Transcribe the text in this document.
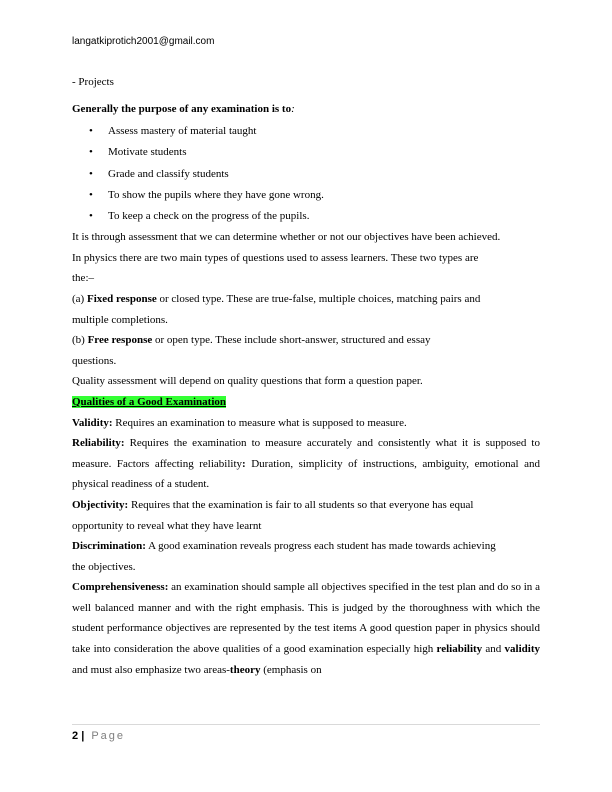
langatkiprotich2001@gmail.com

- Projects

Generally the purpose of any examination is to:

• Assess mastery of material taught
• Motivate students
• Grade and classify students
• To show the pupils where they have gone wrong.
• To keep a check on the progress of the pupils.

It is through assessment that we can determine whether or not our objectives have been achieved.

In physics there are two main types of questions used to assess learners. These two types are

the:–

(a) Fixed response or closed type. These are true-false, multiple choices, matching pairs and

multiple completions.

(b) Free response or open type. These include short-answer, structured and essay

questions.

Quality assessment will depend on quality questions that form a question paper.

Qualities of a Good Examination

Validity: Requires an examination to measure what is supposed to measure.

Reliability: Requires the examination to measure accurately and consistently what it is supposed to measure. Factors affecting reliability: Duration, simplicity of instructions, ambiguity, emotional and physical readiness of a student.

Objectivity: Requires that the examination is fair to all students so that everyone has equal

opportunity to reveal what they have learnt

Discrimination: A good examination reveals progress each student has made towards achieving

the objectives.

Comprehensiveness: an examination should sample all objectives specified in the test plan and do so in a well balanced manner and with the right emphasis. This is judged by the thoroughness with which the student performance objectives are represented by the test items A good question paper in physics should take into consideration the above qualities of a good examination especially high reliability and validity and must also emphasize two areas-theory (emphasis on

2 | Page
